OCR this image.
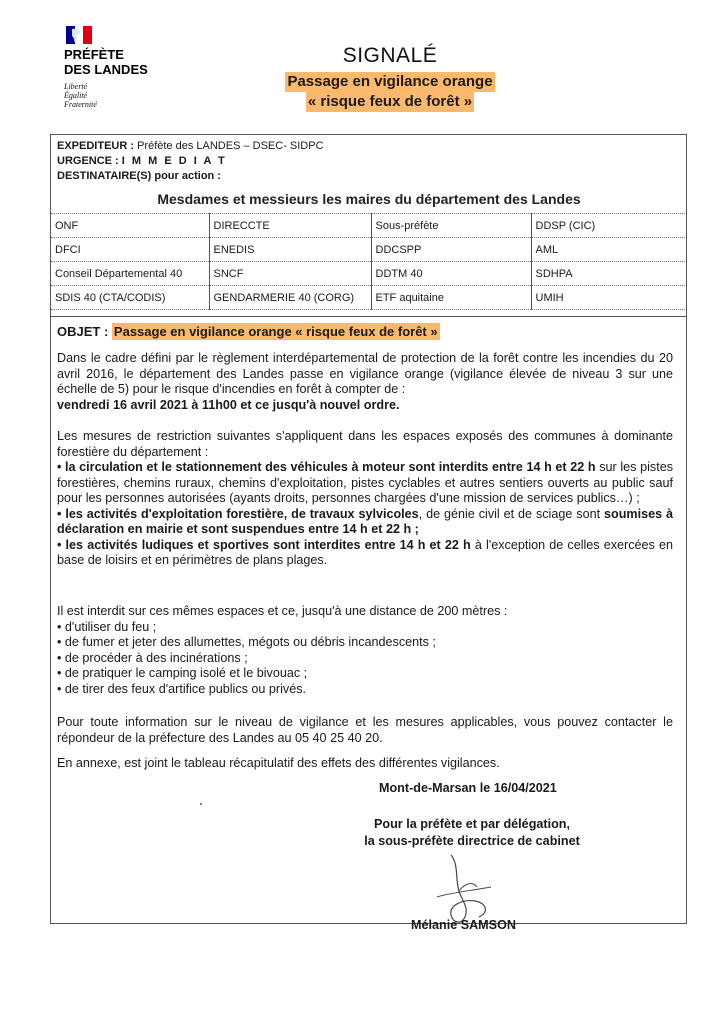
PRÉFÈTE
DES LANDES
Liberté
Égalité
Fraternité
SIGNALÉ
Passage en vigilance orange
« risque feux de forêt »
EXPEDITEUR : Préfète des LANDES – DSEC- SIDPC
URGENCE : I M M E D I A T
DESTINATAIRE(S) pour action :
Mesdames et messieurs les maires du département des Landes
ONF	DIRECCTE	Sous-préfète	DDSP (CIC)
DFCI	ENEDIS	DDCSPP	AML
Conseil Départemental 40	SNCF	DDTM 40	SDHPA
SDIS 40 (CTA/CODIS)	GENDARMERIE 40 (CORG)	ETF aquitaine	UMIH
OBJET : Passage en vigilance orange « risque feux de forêt »
Dans le cadre défini par le règlement interdépartemental de protection de la forêt contre les incendies du 20 avril 2016, le département des Landes passe en vigilance orange (vigilance élevée de niveau 3 sur une échelle de 5) pour le risque d'incendies en forêt à compter de :
vendredi 16 avril 2021 à 11h00 et ce jusqu'à nouvel ordre.
Les mesures de restriction suivantes s'appliquent dans les espaces exposés des communes à dominante forestière du département :
• la circulation et le stationnement des véhicules à moteur sont interdits entre 14 h et 22 h sur les pistes forestières, chemins ruraux, chemins d'exploitation, pistes cyclables et autres sentiers ouverts au public sauf pour les personnes autorisées (ayants droits, personnes chargées d'une mission de services publics…) ;
• les activités d'exploitation forestière, de travaux sylvicoles, de génie civil et de sciage sont soumises à déclaration en mairie et sont suspendues entre 14 h et 22 h ;
• les activités ludiques et sportives sont interdites entre 14 h et 22 h à l'exception de celles exercées en base de loisirs et en périmètres de plans plages.
Il est interdit sur ces mêmes espaces et ce, jusqu'à une distance de 200 mètres :
• d'utiliser du feu ;
• de fumer et jeter des allumettes, mégots ou débris incandescents ;
• de procéder à des incinérations ;
• de pratiquer le camping isolé et le bivouac ;
• de tirer des feux d'artifice publics ou privés.
Pour toute information sur le niveau de vigilance et les mesures applicables, vous pouvez contacter le répondeur de la préfecture des Landes au 05 40 25 40 20.
En annexe, est joint le tableau récapitulatif des effets des différentes vigilances.
Mont-de-Marsan le 16/04/2021
Pour la préfète et par délégation,
la sous-préfète directrice de cabinet
Mélanie SAMSON
